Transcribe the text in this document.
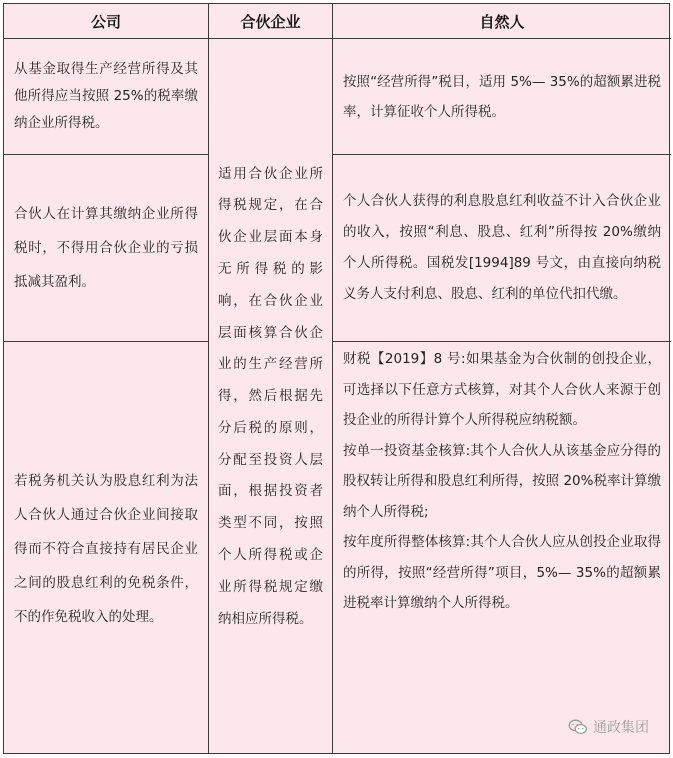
公司	合伙企业	自然人

从基金取得生产经营所得及其他所得应当按照 25%的税率缴纳企业所得税。

合伙人在计算其缴纳企业所得税时，不得用合伙企业的亏损抵减其盈利。

若税务机关认为股息红利为法人合伙人通过合伙企业间接取得而不符合直接持有居民企业之间的股息红利的免税条件，不的作免税收入的处理。

适用合伙企业所得税规定，在合伙企业层面本身无所得税的影响，在合伙企业层面核算合伙企业的生产经营所得，然后根据先分后税的原则，分配至投资人层面，根据投资者类型不同，按照个人所得税或企业所得税规定缴纳相应所得税。

按照“经营所得”税目，适用 5%— 35%的超额累进税率，计算征收个人所得税。

个人合伙人获得的利息股息红利收益不计入合伙企业的收入，按照“利息、股息、红利”所得按 20%缴纳个人所得税。国税发[1994]89 号文，由直接向纳税义务人支付利息、股息、红利的单位代扣代缴。

财税【2019】8 号:如果基金为合伙制的创投企业，可选择以下任意方式核算，对其个人合伙人来源于创投企业的所得计算个人所得税应纳税额。

按单一投资基金核算:其个人合伙人从该基金应分得的股权转让所得和股息红利所得，按照 20%税率计算缴纳个人所得税;

按年度所得整体核算:其个人合伙人应从创投企业取得的所得，按照“经营所得”项目，5%— 35%的超额累进税率计算缴纳个人所得税。

通政集团
